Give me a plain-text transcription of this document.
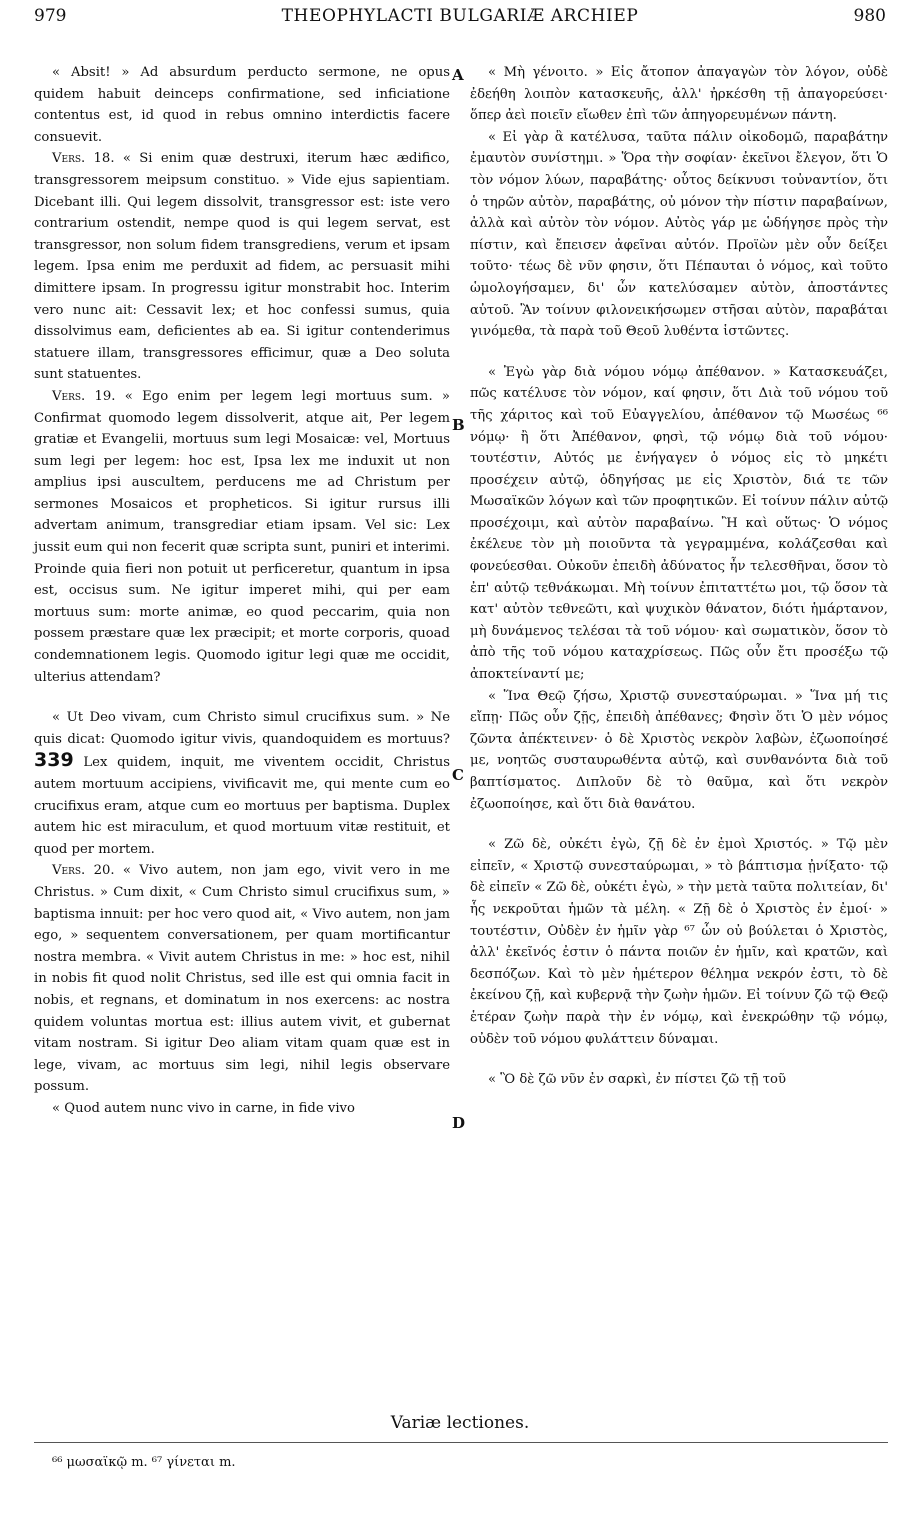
979	THEOPHYLACTI BULGARIÆ ARCHIEP	980

« Absit! » Ad absurdum perducto sermone, ne opus quidem habuit deinceps confirmatione, sed inficiatione contentus est, id quod in rebus omnino interdictis facere consuevit.

Vers. 18. « Si enim quæ destruxi, iterum hæc ædifico, transgressorem meipsum constituo. » Vide ejus sapientiam. Dicebant illi. Qui legem dissolvit, transgressor est: iste vero contrarium ostendit, nempe quod is qui legem servat, est transgressor, non solum fidem transgrediens, verum et ipsam legem. Ipsa enim me perduxit ad fidem, ac persuasit mihi dimittere ipsam. In progressu igitur monstrabit hoc. Interim vero nunc ait: Cessavit lex; et hoc confessi sumus, quia dissolvimus eam, deficientes ab ea. Si igitur contenderimus statuere illam, transgressores efficimur, quæ a Deo soluta sunt statuentes.

Vers. 19. « Ego enim per legem legi mortuus sum. » Confirmat quomodo legem dissolverit, atque ait, Per legem gratiæ et Evangelii, mortuus sum legi Mosaicæ: vel, Mortuus sum legi per legem: hoc est, Ipsa lex me induxit ut non amplius ipsi auscultem, perducens me ad Christum per sermones Mosaicos et propheticos. Si igitur rursus illi advertam animum, transgrediar etiam ipsam. Vel sic: Lex jussit eum qui non fecerit quæ scripta sunt, puniri et interimi. Proinde quia fieri non potuit ut perficeretur, quantum in ipsa est, occisus sum. Ne igitur imperet mihi, qui per eam mortuus sum: morte animæ, eo quod peccarim, quia non possem præstare quæ lex præcipit; et morte corporis, quoad condemnationem legis. Quomodo igitur legi quæ me occidit, ulterius attendam?

« Ut Deo vivam, cum Christo simul crucifixus sum. » Ne quis dicat: Quomodo igitur vivis, quandoquidem es mortuus? 339 Lex quidem, inquit, me viventem occidit, Christus autem mortuum accipiens, vivificavit me, qui mente cum eo crucifixus eram, atque cum eo mortuus per baptisma. Duplex autem hic est miraculum, et quod mortuum vitæ restituit, et quod per mortem.

Vers. 20. « Vivo autem, non jam ego, vivit vero in me Christus. » Cum dixit, « Cum Christo simul crucifixus sum, » baptisma innuit: per hoc vero quod ait, « Vivo autem, non jam ego, » sequentem conversationem, per quam mortificantur nostra membra. « Vivit autem Christus in me: » hoc est, nihil in nobis fit quod nolit Christus, sed ille est qui omnia facit in nobis, et regnans, et dominatum in nos exercens: ac nostra quidem voluntas mortua est: illius autem vivit, et gubernat vitam nostram. Si igitur Deo aliam vitam quam quæ est in lege, vivam, ac mortuus sim legi, nihil legis observare possum.

« Quod autem nunc vivo in carne, in fide vivo

A
B
C
D

« Μὴ γένοιτο. » Εἰς ἄτοπον ἀπαγαγὼν τὸν λόγον, οὐδὲ ἐδεήθη λοιπὸν κατασκευῆς, ἀλλ' ἠρκέσθη τῇ ἀπαγορεύσει· ὅπερ ἀεὶ ποιεῖν εἴωθεν ἐπὶ τῶν ἀπηγορευμένων πάντη.

« Εἰ γὰρ ἃ κατέλυσα, ταῦτα πάλιν οἰκοδομῶ, παραβάτην ἐμαυτὸν συνίστημι. » Ὅρα τὴν σοφίαν· ἐκεῖνοι ἔλεγον, ὅτι Ὁ τὸν νόμον λύων, παραβάτης· οὗτος δείκνυσι τοὐναντίον, ὅτι ὁ τηρῶν αὐτὸν, παραβάτης, οὐ μόνον τὴν πίστιν παραβαίνων, ἀλλὰ καὶ αὐτὸν τὸν νόμον. Αὐτὸς γάρ με ὡδήγησε πρὸς τὴν πίστιν, καὶ ἔπεισεν ἀφεῖναι αὐτόν. Προϊὼν μὲν οὖν δείξει τοῦτο· τέως δὲ νῦν φησιν, ὅτι Πέπαυται ὁ νόμος, καὶ τοῦτο ὡμολογήσαμεν, δι' ὧν κατελύσαμεν αὐτὸν, ἀποστάντες αὐτοῦ. Ἂν τοίνυν φιλονεικήσωμεν στῆσαι αὐτὸν, παραβάται γινόμεθα, τὰ παρὰ τοῦ Θεοῦ λυθέντα ἱστῶντες.

« Ἐγὼ γὰρ διὰ νόμου νόμῳ ἀπέθανον. » Κατασκευάζει, πῶς κατέλυσε τὸν νόμον, καί φησιν, ὅτι Διὰ τοῦ νόμου τοῦ τῆς χάριτος καὶ τοῦ Εὐαγγελίου, ἀπέθανον τῷ Μωσέως ⁶⁶ νόμῳ· ἢ ὅτι Ἀπέθανον, φησὶ, τῷ νόμῳ διὰ τοῦ νόμου· τουτέστιν, Αὐτός με ἐνήγαγεν ὁ νόμος εἰς τὸ μηκέτι προσέχειν αὐτῷ, ὁδηγήσας με εἰς Χριστὸν, διά τε τῶν Μωσαϊκῶν λόγων καὶ τῶν προφητικῶν. Εἰ τοίνυν πάλιν αὐτῷ προσέχοιμι, καὶ αὐτὸν παραβαίνω. Ἢ καὶ οὕτως· Ὁ νόμος ἐκέλευε τὸν μὴ ποιοῦντα τὰ γεγραμμένα, κολάζεσθαι καὶ φονεύεσθαι. Οὐκοῦν ἐπειδὴ ἀδύνατος ἦν τελεσθῆναι, ὅσον τὸ ἐπ' αὐτῷ τεθνάκωμαι. Μὴ τοίνυν ἐπιταττέτω μοι, τῷ ὅσον τὰ κατ' αὐτὸν τεθνεῶτι, καὶ ψυχικὸν θάνατον, διότι ἡμάρτανον, μὴ δυνάμενος τελέσαι τὰ τοῦ νόμου· καὶ σωματικὸν, ὅσον τὸ ἀπὸ τῆς τοῦ νόμου καταχρίσεως. Πῶς οὖν ἔτι προσέξω τῷ ἀποκτείναντί με;

« Ἵνα Θεῷ ζήσω, Χριστῷ συνεσταύρωμαι. » Ἵνα μή τις εἴπῃ· Πῶς οὖν ζῇς, ἐπειδὴ ἀπέθανες; Φησὶν ὅτι Ὁ μὲν νόμος ζῶντα ἀπέκτεινεν· ὁ δὲ Χριστὸς νεκρὸν λαβὼν, ἐζωοποίησέ με, νοητῶς συσταυρωθέντα αὐτῷ, καὶ συνθανόντα διὰ τοῦ βαπτίσματος. Διπλοῦν δὲ τὸ θαῦμα, καὶ ὅτι νεκρὸν ἐζωοποίησε, καὶ ὅτι διὰ θανάτου.

« Ζῶ δὲ, οὐκέτι ἐγὼ, ζῇ δὲ ἐν ἐμοὶ Χριστός. » Τῷ μὲν εἰπεῖν, « Χριστῷ συνεσταύρωμαι, » τὸ βάπτισμα ᾐνίξατο· τῷ δὲ εἰπεῖν « Ζῶ δὲ, οὐκέτι ἐγὼ, » τὴν μετὰ ταῦτα πολιτείαν, δι' ἧς νεκροῦται ἡμῶν τὰ μέλη. « Ζῇ δὲ ὁ Χριστὸς ἐν ἐμοί· » τουτέστιν, Οὐδὲν ἐν ἡμῖν γὰρ ⁶⁷ ὧν οὐ βούλεται ὁ Χριστὸς, ἀλλ' ἐκεῖνός ἐστιν ὁ πάντα ποιῶν ἐν ἡμῖν, καὶ κρατῶν, καὶ δεσπόζων. Καὶ τὸ μὲν ἡμέτερον θέλημα νεκρόν ἐστι, τὸ δὲ ἐκείνου ζῇ, καὶ κυβερνᾷ τὴν ζωὴν ἡμῶν. Εἰ τοίνυν ζῶ τῷ Θεῷ ἑτέραν ζωὴν παρὰ τὴν ἐν νόμῳ, καὶ ἐνεκρώθην τῷ νόμῳ, οὐδὲν τοῦ νόμου φυλάττειν δύναμαι.

« Ὃ δὲ ζῶ νῦν ἐν σαρκὶ, ἐν πίστει ζῶ τῇ τοῦ

Variæ lectiones.
⁶⁶ μωσαϊκῷ m. ⁶⁷ γίνεται m.
